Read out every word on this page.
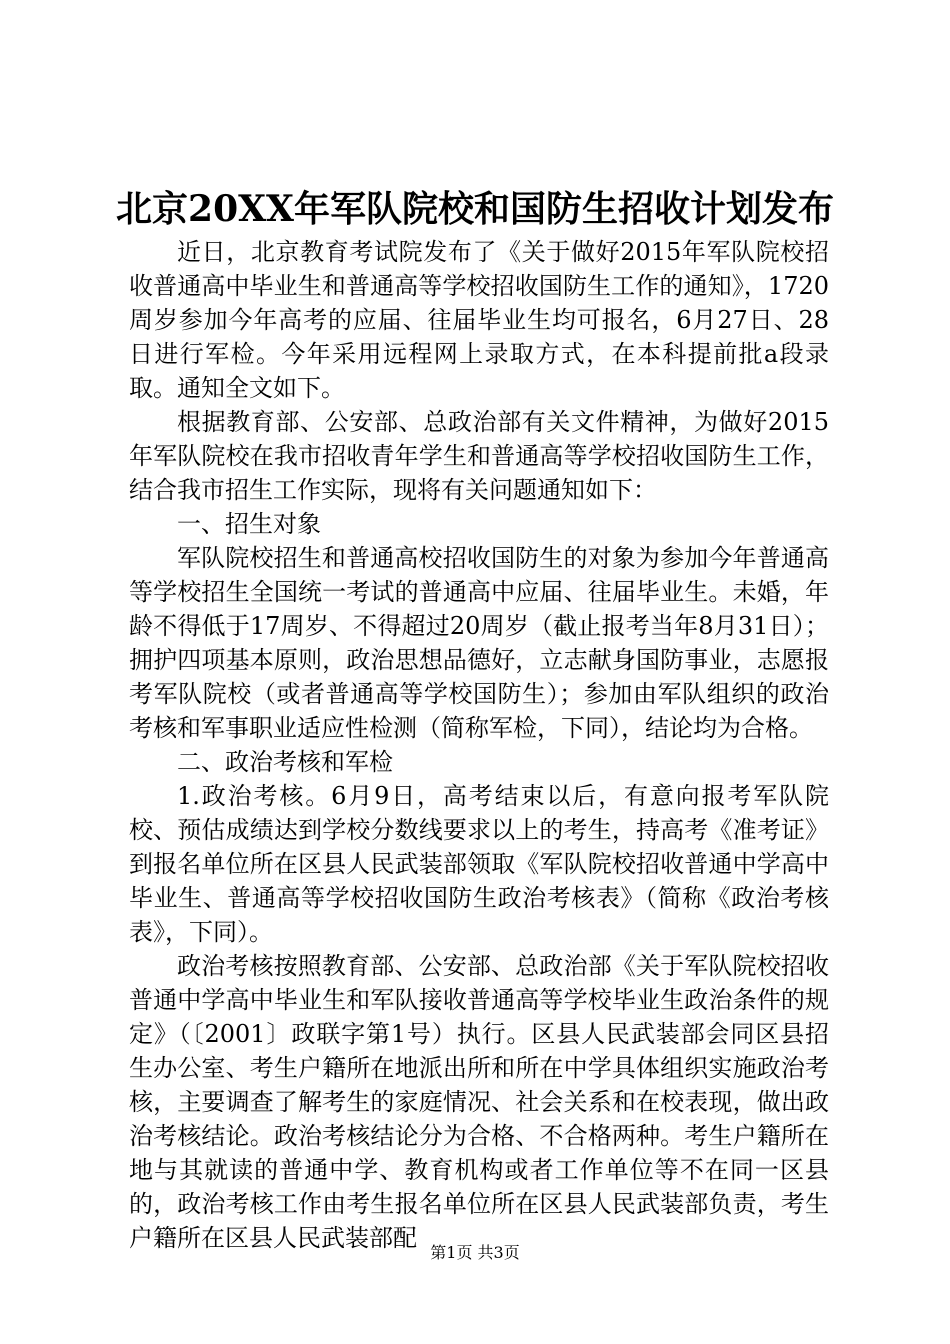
北京20XX年军队院校和国防生招收计划发布

近日，北京教育考试院发布了《关于做好2015年军队院校招收普通高中毕业生和普通高等学校招收国防生工作的通知》，1720周岁参加今年高考的应届、往届毕业生均可报名，6月27日、28日进行军检。今年采用远程网上录取方式，在本科提前批a段录取。通知全文如下。

根据教育部、公安部、总政治部有关文件精神，为做好2015年军队院校在我市招收青年学生和普通高等学校招收国防生工作，结合我市招生工作实际，现将有关问题通知如下：

一、招生对象

军队院校招生和普通高校招收国防生的对象为参加今年普通高等学校招生全国统一考试的普通高中应届、往届毕业生。未婚，年龄不得低于17周岁、不得超过20周岁（截止报考当年8月31日）；拥护四项基本原则，政治思想品德好，立志献身国防事业，志愿报考军队院校（或者普通高等学校国防生）；参加由军队组织的政治考核和军事职业适应性检测（简称军检，下同），结论均为合格。

二、政治考核和军检

1.政治考核。6月9日，高考结束以后，有意向报考军队院校、预估成绩达到学校分数线要求以上的考生，持高考《准考证》到报名单位所在区县人民武装部领取《军队院校招收普通中学高中毕业生、普通高等学校招收国防生政治考核表》（简称《政治考核表》，下同）。

政治考核按照教育部、公安部、总政治部《关于军队院校招收普通中学高中毕业生和军队接收普通高等学校毕业生政治条件的规定》（〔2001〕政联字第1号）执行。区县人民武装部会同区县招生办公室、考生户籍所在地派出所和所在中学具体组织实施政治考核，主要调查了解考生的家庭情况、社会关系和在校表现，做出政治考核结论。政治考核结论分为合格、不合格两种。考生户籍所在地与其就读的普通中学、教育机构或者工作单位等不在同一区县的，政治考核工作由考生报名单位所在区县人民武装部负责，考生户籍所在区县人民武装部配

第1页 共3页
